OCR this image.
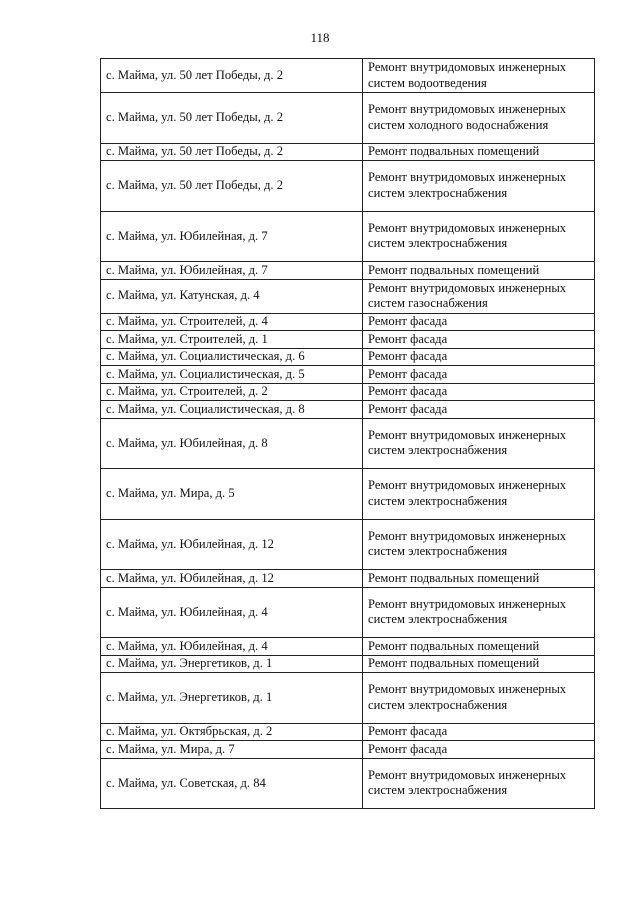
118
с. Майма, ул. 50 лет Победы, д. 2	Ремонт внутридомовых инженерных систем водоотведения
с. Майма, ул. 50 лет Победы, д. 2	Ремонт внутридомовых инженерных систем холодного водоснабжения
с. Майма, ул. 50 лет Победы, д. 2	Ремонт подвальных помещений
с. Майма, ул. 50 лет Победы, д. 2	Ремонт внутридомовых инженерных систем электроснабжения
с. Майма, ул. Юбилейная, д. 7	Ремонт внутридомовых инженерных систем электроснабжения
с. Майма, ул. Юбилейная, д. 7	Ремонт подвальных помещений
с. Майма, ул. Катунская, д. 4	Ремонт внутридомовых инженерных систем газоснабжения
с. Майма, ул. Строителей, д. 4	Ремонт фасада
с. Майма, ул. Строителей, д. 1	Ремонт фасада
с. Майма, ул. Социалистическая, д. 6	Ремонт фасада
с. Майма, ул. Социалистическая, д. 5	Ремонт фасада
с. Майма, ул. Строителей, д. 2	Ремонт фасада
с. Майма, ул. Социалистическая, д. 8	Ремонт фасада
с. Майма, ул. Юбилейная, д. 8	Ремонт внутридомовых инженерных систем электроснабжения
с. Майма, ул. Мира, д. 5	Ремонт внутридомовых инженерных систем электроснабжения
с. Майма, ул. Юбилейная, д. 12	Ремонт внутридомовых инженерных систем электроснабжения
с. Майма, ул. Юбилейная, д. 12	Ремонт подвальных помещений
с. Майма, ул. Юбилейная, д. 4	Ремонт внутридомовых инженерных систем электроснабжения
с. Майма, ул. Юбилейная, д. 4	Ремонт подвальных помещений
с. Майма, ул. Энергетиков, д. 1	Ремонт подвальных помещений
с. Майма, ул. Энергетиков, д. 1	Ремонт внутридомовых инженерных систем электроснабжения
с. Майма, ул. Октябрьская, д. 2	Ремонт фасада
с. Майма, ул. Мира, д. 7	Ремонт фасада
с. Майма, ул. Советская, д. 84	Ремонт внутридомовых инженерных систем электроснабжения
